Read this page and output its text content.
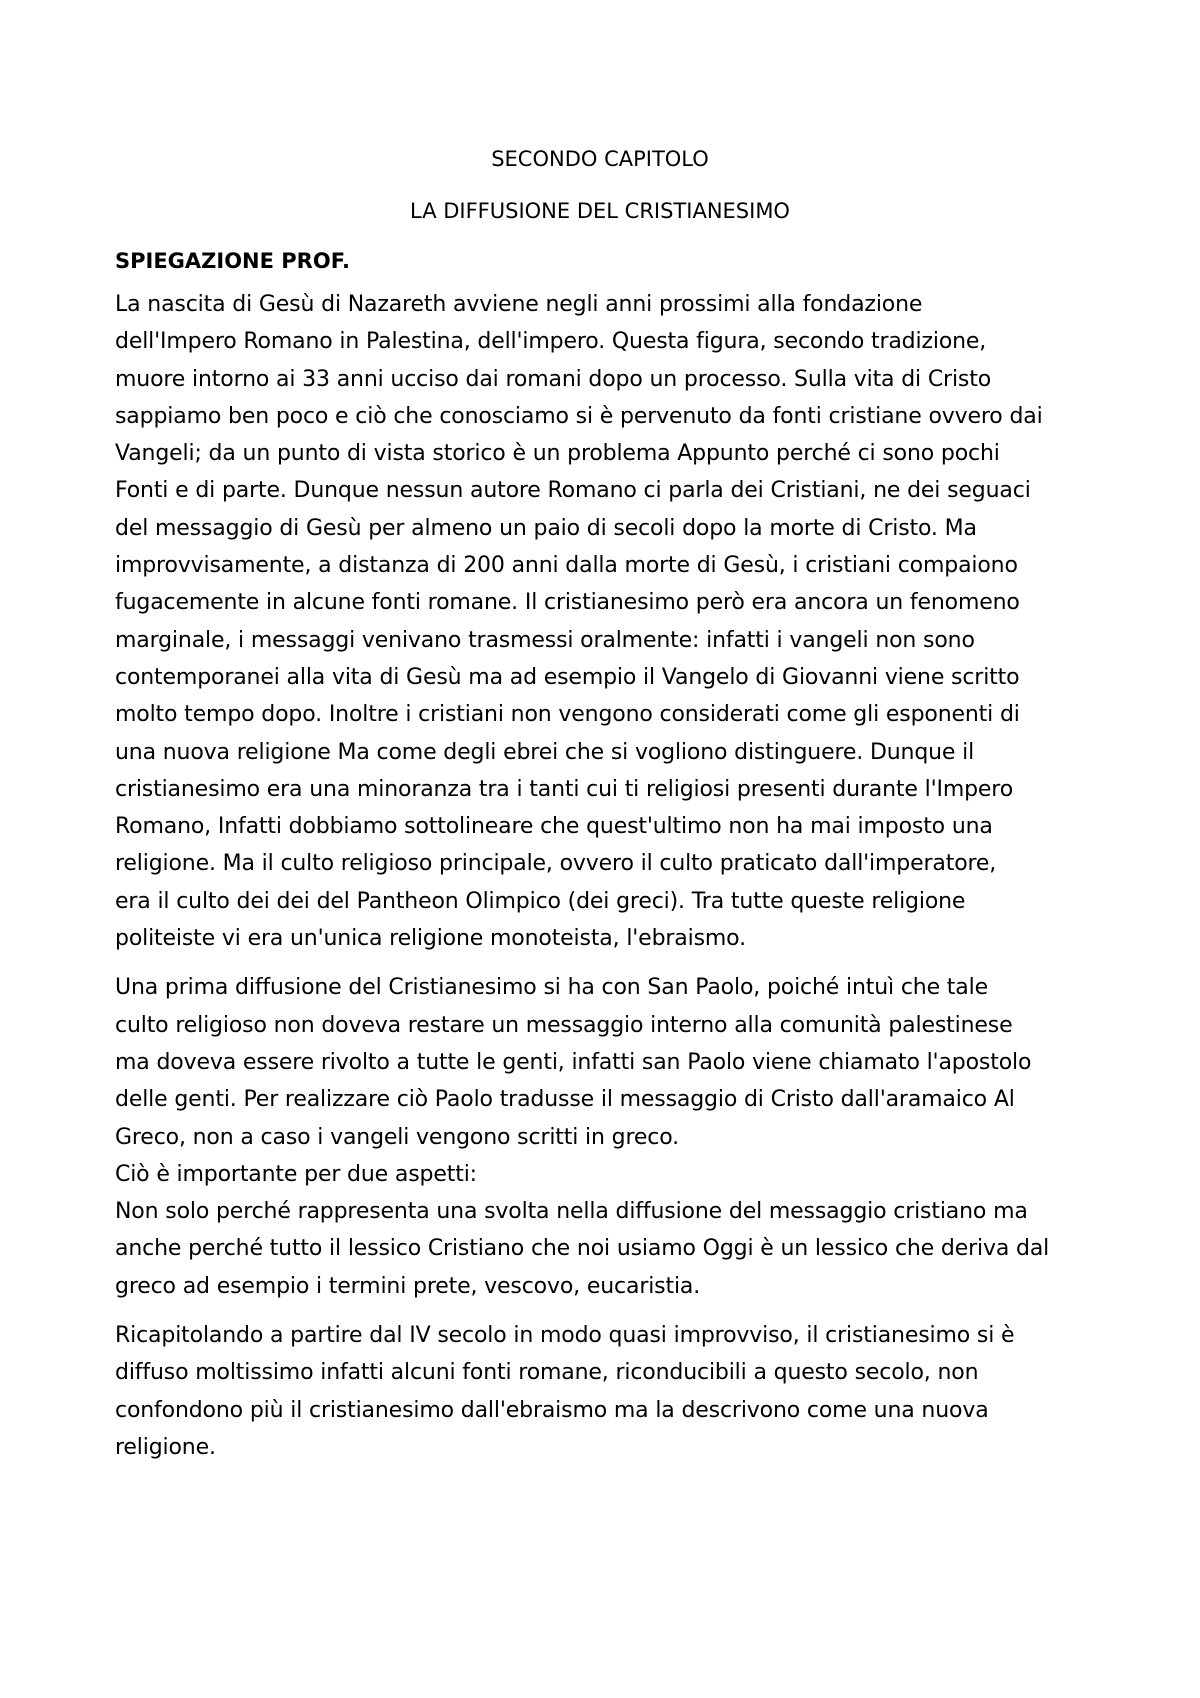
SECONDO CAPITOLO
LA DIFFUSIONE DEL CRISTIANESIMO
SPIEGAZIONE PROF.
La nascita di Gesù di Nazareth avviene negli anni prossimi alla fondazione
dell'Impero Romano in Palestina, dell'impero. Questa figura, secondo tradizione,
muore intorno ai 33 anni ucciso dai romani dopo un processo. Sulla vita di Cristo
sappiamo ben poco e ciò che conosciamo si è pervenuto da fonti cristiane ovvero dai
Vangeli; da un punto di vista storico è un problema Appunto perché ci sono pochi
Fonti e di parte. Dunque nessun autore Romano ci parla dei Cristiani, ne dei seguaci
del messaggio di Gesù per almeno un paio di secoli dopo la morte di Cristo. Ma
improvvisamente, a distanza di 200 anni dalla morte di Gesù, i cristiani compaiono
fugacemente in alcune fonti romane. Il cristianesimo però era ancora un fenomeno
marginale, i messaggi venivano trasmessi oralmente: infatti i vangeli non sono
contemporanei alla vita di Gesù ma ad esempio il Vangelo di Giovanni viene scritto
molto tempo dopo. Inoltre i cristiani non vengono considerati come gli esponenti di
una nuova religione Ma come degli ebrei che si vogliono distinguere. Dunque il
cristianesimo era una minoranza tra i tanti cui ti religiosi presenti durante l'Impero
Romano, Infatti dobbiamo sottolineare che quest'ultimo non ha mai imposto una
religione. Ma il culto religioso principale, ovvero il culto praticato dall'imperatore,
era il culto dei dei del Pantheon Olimpico (dei greci). Tra tutte queste religione
politeiste vi era un'unica religione monoteista, l'ebraismo.
Una prima diffusione del Cristianesimo si ha con San Paolo, poiché intuì che tale
culto religioso non doveva restare un messaggio interno alla comunità palestinese
ma doveva essere rivolto a tutte le genti, infatti san Paolo viene chiamato l'apostolo
delle genti. Per realizzare ciò Paolo tradusse il messaggio di Cristo dall'aramaico Al
Greco, non a caso i vangeli vengono scritti in greco.
Ciò è importante per due aspetti:
Non solo perché rappresenta una svolta nella diffusione del messaggio cristiano ma
anche perché tutto il lessico Cristiano che noi usiamo Oggi è un lessico che deriva dal
greco ad esempio i termini prete, vescovo, eucaristia.
Ricapitolando a partire dal IV secolo in modo quasi improvviso, il cristianesimo si è
diffuso moltissimo infatti alcuni fonti romane, riconducibili a questo secolo, non
confondono più il cristianesimo dall'ebraismo ma la descrivono come una nuova
religione.
